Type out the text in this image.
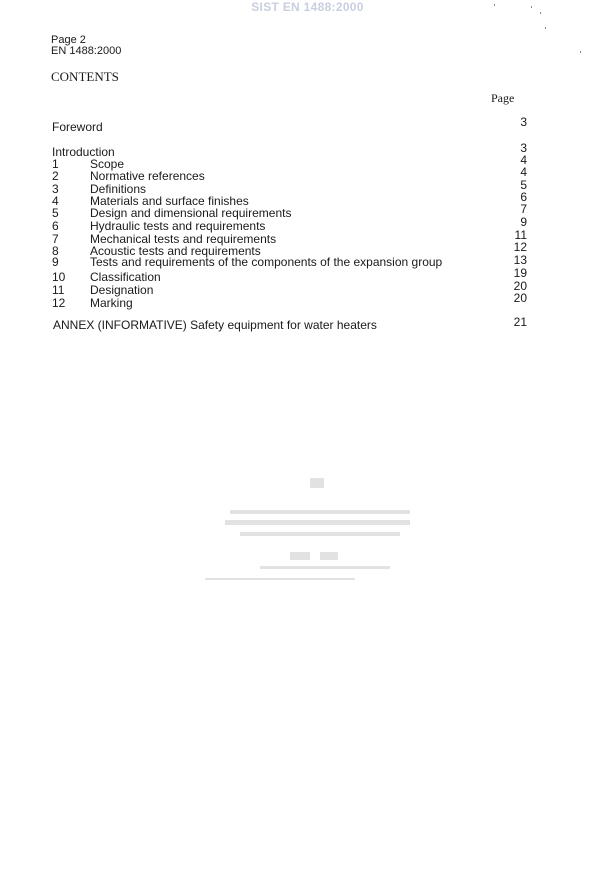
SIST EN 1488:2000
Page 2
EN 1488:2000
CONTENTS
Page
Foreword	3
Introduction	3
1	Scope	4
2	Normative references	4
3	Definitions	5
4	Materials and surface finishes	6
5	Design and dimensional requirements	7
6	Hydraulic tests and requirements	9
7	Mechanical tests and requirements	11
8	Acoustic tests and requirements	12
9	Tests and requirements of the components of the expansion group	13
10 Classification	19
11 Designation	20
12 Marking	20
ANNEX (INFORMATIVE) Safety equipment for water heaters	21
